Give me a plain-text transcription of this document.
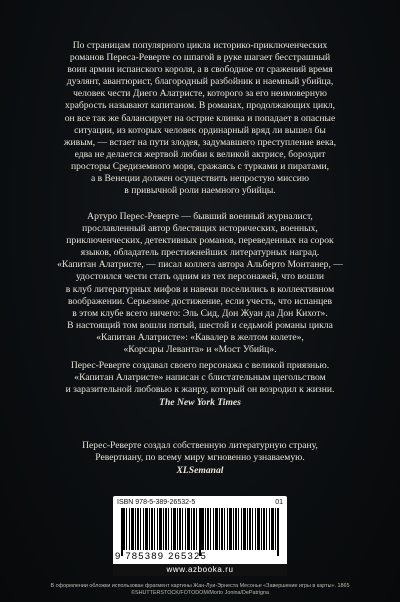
По страницам популярного цикла историко-приключенческих
романов Переса-Реверте со шпагой в руке шагает бесстрашный
воин армии испанского короля, а в свободное от сражений время
дуэлянт, авантюрист, благородный разбойник и наемный убийца,
человек чести Диего Алатристе, которого за его неимоверную
храбрость называют капитаном. В романах, продолжающих цикл,
он все так же балансирует на острие клинка и попадает в опасные
ситуации, из которых человек ординарный вряд ли вышел бы
живым, — встает на пути злодея, задумавшего преступление века,
едва не делается жертвой любви к великой актрисе, бороздит
просторы Средиземного моря, сражаясь с турками и пиратами,
а в Венеции должен осуществить непростую миссию
в привычной роли наемного убийцы.
Артуро Перес-Реверте — бывший военный журналист,
прославленный автор блестящих исторических, военных,
приключенческих, детективных романов, переведенных на сорок
языков, обладатель престижнейших литературных наград.
«Капитан Алатристе, — писал коллега автора Альберто Монтанер, —
удостоился чести стать одним из тех персонажей, что вошли
в клуб литературных мифов и навеки поселились в коллективном
воображении. Серьезное достижение, если учесть, что испанцев
в этом клубе всего ничего: Эль Сид, Дон Жуан да Дон Кихот».
В настоящий том вошли пятый, шестой и седьмой романы цикла
«Капитан Алатристе»: «Кавалер в желтом колете»,
«Корсары Леванта» и «Мост Убийц».
Перес-Реверте создавал своего персонажа с великой приязнью.
«Капитан Алатристе» написан с блистательным щегольством
и заразительной любовью к жанру, который он возродил к жизни.
The New York Times
Перес-Реверте создал собственную литературную страну,
Ревертиану, по всему миру мгновенно узнаваемую.
XLSemanal
ISBN 978-5-389-26532-5	01
9 785389 265325
www.azbooka.ru
В оформлении обложки использован фрагмент картины Жан-Луи-Эрнеста Месонье «Завершение игры в карты». 1865
©SHUTTERSTOCK/FOTODOM/Morto Jonina/DePatrigna
